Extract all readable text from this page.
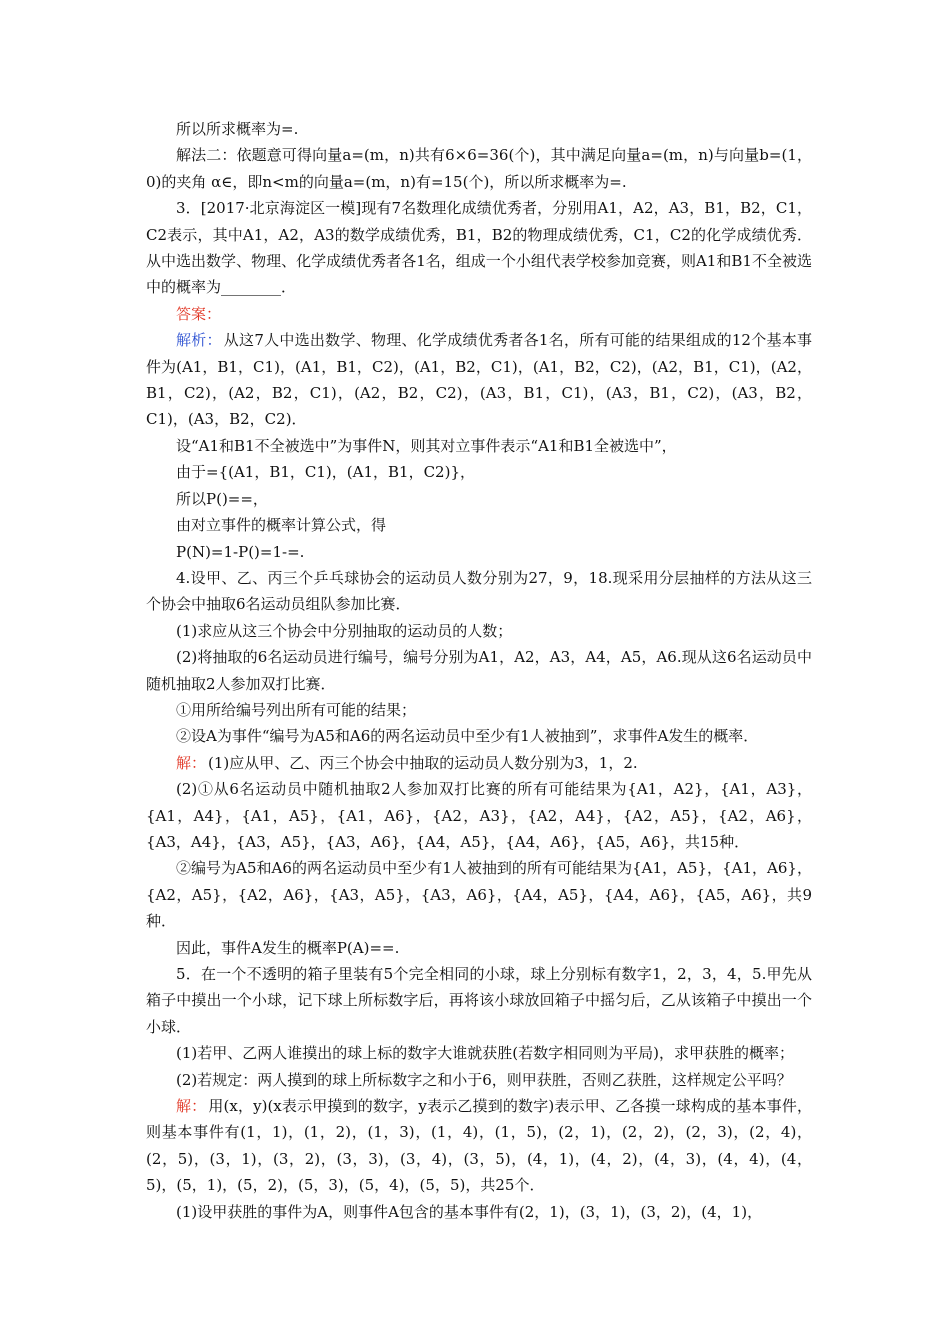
所以所求概率为=.

解法二：依题意可得向量a=(m，n)共有6×6=36(个)，其中满足向量a=(m，n)与向量b=(1，0)的夹角 α∈，即n<m的向量a=(m，n)有=15(个)，所以所求概率为=.

3．[2017·北京海淀区一模]现有7名数理化成绩优秀者，分别用A1，A2，A3，B1，B2，C1，C2表示，其中A1，A2，A3的数学成绩优秀，B1，B2的物理成绩优秀，C1，C2的化学成绩优秀．从中选出数学、物理、化学成绩优秀者各1名，组成一个小组代表学校参加竞赛，则A1和B1不全被选中的概率为________．

答案：

解析： 从这7人中选出数学、物理、化学成绩优秀者各1名，所有可能的结果组成的12个基本事件为(A1，B1，C1)，(A1，B1，C2)，(A1，B2，C1)，(A1，B2，C2)，(A2，B1，C1)，(A2，B1，C2)，(A2，B2，C1)，(A2，B2，C2)，(A3，B1，C1)，(A3，B1，C2)，(A3，B2，C1)，(A3，B2，C2)．

设“A1和B1不全被选中”为事件N，则其对立事件表示“A1和B1全被选中”，

由于={(A1，B1，C1)，(A1，B1，C2)}，

所以P()==，

由对立事件的概率计算公式，得

P(N)=1-P()=1-=.

4.设甲、乙、丙三个乒乓球协会的运动员人数分别为27，9，18.现采用分层抽样的方法从这三个协会中抽取6名运动员组队参加比赛．

(1)求应从这三个协会中分别抽取的运动员的人数；

(2)将抽取的6名运动员进行编号，编号分别为A1，A2，A3，A4，A5，A6.现从这6名运动员中随机抽取2人参加双打比赛．

①用所给编号列出所有可能的结果；

②设A为事件“编号为A5和A6的两名运动员中至少有1人被抽到”，求事件A发生的概率．

解： (1)应从甲、乙、丙三个协会中抽取的运动员人数分别为3，1，2.

(2)①从6名运动员中随机抽取2人参加双打比赛的所有可能结果为{A1，A2}，{A1，A3}，{A1，A4}，{A1，A5}，{A1，A6}，{A2，A3}，{A2，A4}，{A2，A5}，{A2，A6}，{A3，A4}，{A3，A5}，{A3，A6}，{A4，A5}，{A4，A6}，{A5，A6}，共15种．

②编号为A5和A6的两名运动员中至少有1人被抽到的所有可能结果为{A1，A5}，{A1，A6}，{A2，A5}，{A2，A6}，{A3，A5}，{A3，A6}，{A4，A5}，{A4，A6}，{A5，A6}，共9种．

因此，事件A发生的概率P(A)==.

5．在一个不透明的箱子里装有5个完全相同的小球，球上分别标有数字1，2，3，4，5.甲先从箱子中摸出一个小球，记下球上所标数字后，再将该小球放回箱子中摇匀后，乙从该箱子中摸出一个小球．

(1)若甲、乙两人谁摸出的球上标的数字大谁就获胜(若数字相同则为平局)，求甲获胜的概率；

(2)若规定：两人摸到的球上所标数字之和小于6，则甲获胜，否则乙获胜，这样规定公平吗？

解： 用(x，y)(x表示甲摸到的数字，y表示乙摸到的数字)表示甲、乙各摸一球构成的基本事件，则基本事件有(1，1)，(1，2)，(1，3)，(1，4)，(1，5)，(2，1)，(2，2)，(2，3)，(2，4)，(2，5)，(3，1)，(3，2)，(3，3)，(3，4)，(3，5)，(4，1)，(4，2)，(4，3)，(4，4)，(4，5)，(5，1)，(5，2)，(5，3)，(5，4)，(5，5)，共25个．

(1)设甲获胜的事件为A，则事件A包含的基本事件有(2，1)，(3，1)，(3，2)，(4，1)，
